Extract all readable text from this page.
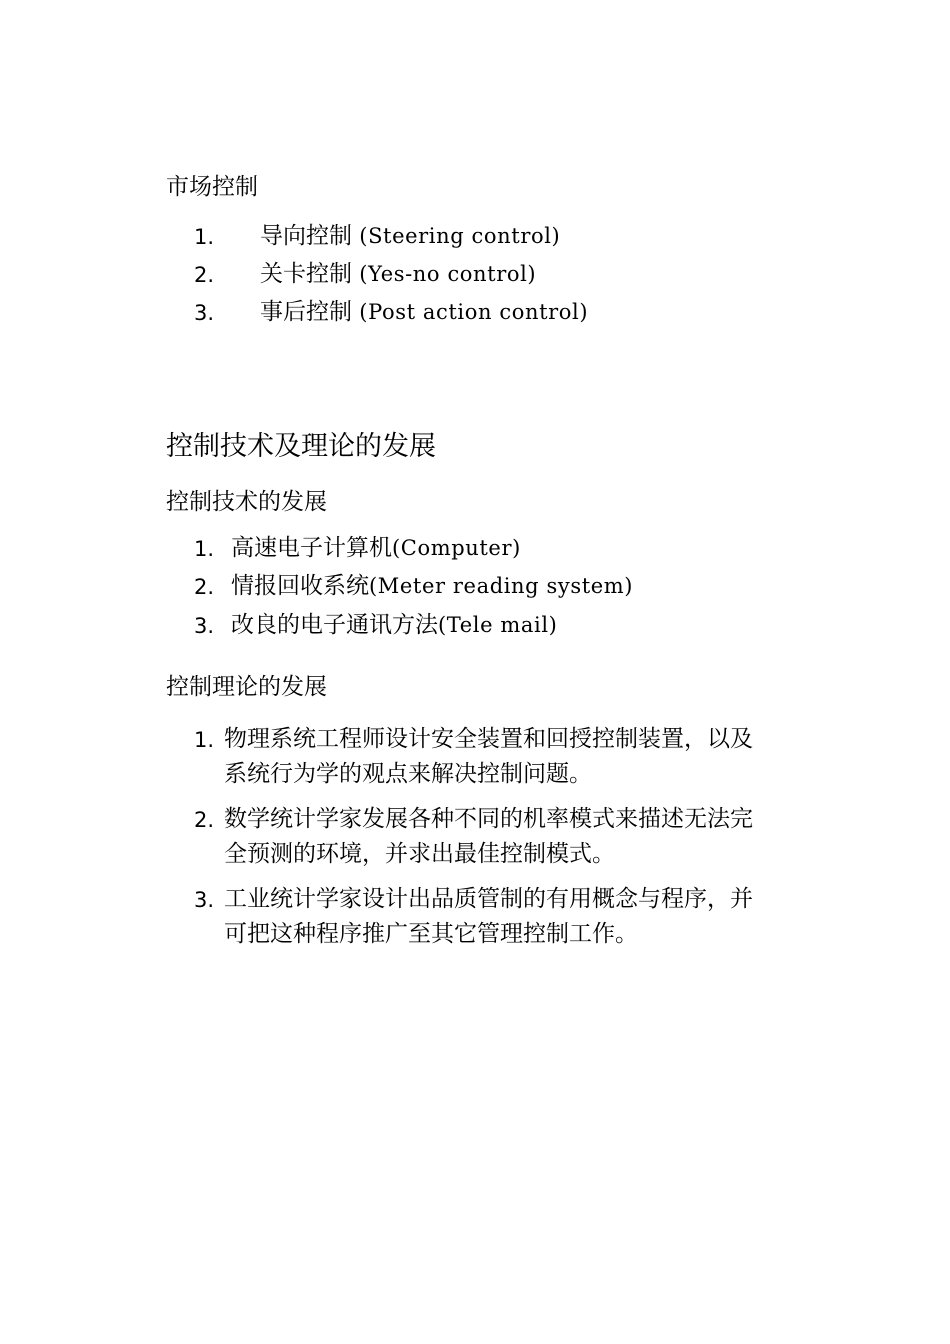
市场控制
1. 导向控制 (Steering control)
2. 关卡控制 (Yes-no control)
3. 事后控制 (Post action control)
控制技术及理论的发展
控制技术的发展
1. 高速电子计算机(Computer)
2. 情报回收系统(Meter reading system)
3. 改良的电子通讯方法(Tele mail)
控制理论的发展
1. 物理系统工程师设计安全装置和回授控制装置，以及
系统行为学的观点来解决控制问题。
2. 数学统计学家发展各种不同的机率模式来描述无法完
全预测的环境，并求出最佳控制模式。
3. 工业统计学家设计出品质管制的有用概念与程序，并
可把这种程序推广至其它管理控制工作。
